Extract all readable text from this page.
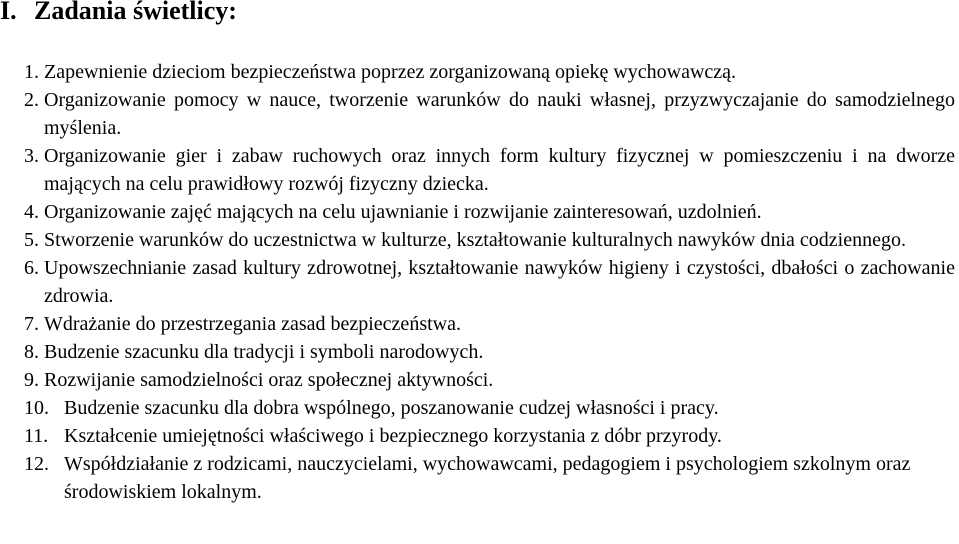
I. Zadania świetlicy:
1.
Zapewnienie dzieciom bezpieczeństwa poprzez zorganizowaną opiekę wychowawczą.
2.
Organizowanie pomocy w nauce, tworzenie warunków do nauki własnej, przyzwyczajanie do samodzielnego myślenia.
3.
Organizowanie gier i zabaw ruchowych oraz innych form kultury fizycznej w pomieszczeniu i na dworze mających na celu prawidłowy rozwój fizyczny dziecka.
4.
Organizowanie zajęć mających na celu ujawnianie i rozwijanie zainteresowań, uzdolnień.
5.
Stworzenie warunków do uczestnictwa w kulturze, kształtowanie kulturalnych nawyków dnia codziennego.
6.
Upowszechnianie zasad kultury zdrowotnej, kształtowanie nawyków higieny i czystości, dbałości o zachowanie zdrowia.
7.
Wdrażanie do przestrzegania zasad bezpieczeństwa.
8.
Budzenie szacunku dla tradycji i symboli narodowych.
9.
Rozwijanie samodzielności oraz społecznej aktywności.
10. Budzenie szacunku dla dobra wspólnego, poszanowanie cudzej własności i pracy.
11. Kształcenie umiejętności właściwego i bezpiecznego korzystania z dóbr przyrody.
12. Współdziałanie z rodzicami, nauczycielami, wychowawcami, pedagogiem i psychologiem szkolnym oraz środowiskiem lokalnym.
